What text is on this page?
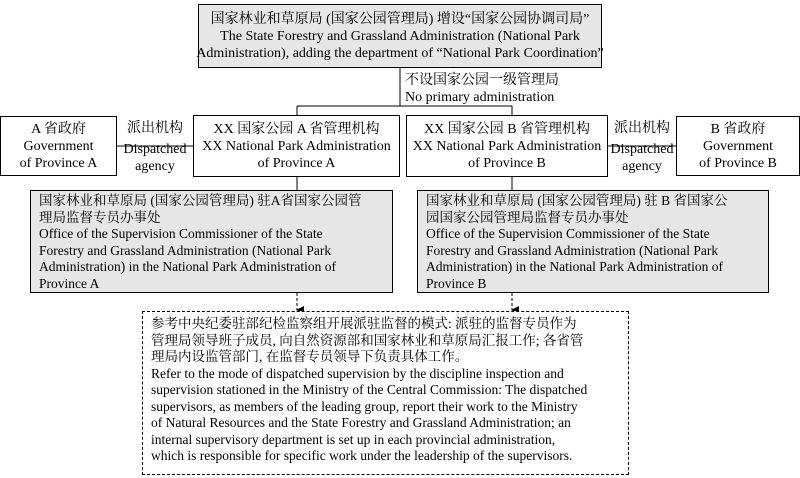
国家林业和草原局 (国家公园管理局) 增设“国家公园协调司局”
The State Forestry and Grassland Administration (National Park
Administration), adding the department of “National Park Coordination”
不设国家公园一级管理局
No primary administration
A 省政府
Government
of Province A
派出机构
Dispatched
agency
XX 国家公园 A 省管理机构
XX National Park Administration
of Province A
XX 国家公园 B 省管理机构
XX National Park Administration
of Province B
派出机构
Dispatched
agency
B 省政府
Government
of Province B
国家林业和草原局 (国家公园管理局) 驻A省国家公园管
理局监督专员办事处
Office of the Supervision Commissioner of the State
Forestry and Grassland Administration (National Park
Administration) in the National Park Administration of
Province A
国家林业和草原局 (国家公园管理局) 驻 B 省国家公
园国家公园管理局监督专员办事处
Office of the Supervision Commissioner of the State
Forestry and Grassland Administration (National Park
Administration) in the National Park Administration of
Province B
参考中央纪委驻部纪检监察组开展派驻监督的模式: 派驻的监督专员作为
管理局领导班子成员, 向自然资源部和国家林业和草原局汇报工作; 各省管
理局内设监管部门, 在监督专员领导下负责具体工作。
Refer to the mode of dispatched supervision by the discipline inspection and
supervision stationed in the Ministry of the Central Commission: The dispatched
supervisors, as members of the leading group, report their work to the Ministry
of Natural Resources and the State Forestry and Grassland Administration; an
internal supervisory department is set up in each provincial administration,
which is responsible for specific work under the leadership of the supervisors.
